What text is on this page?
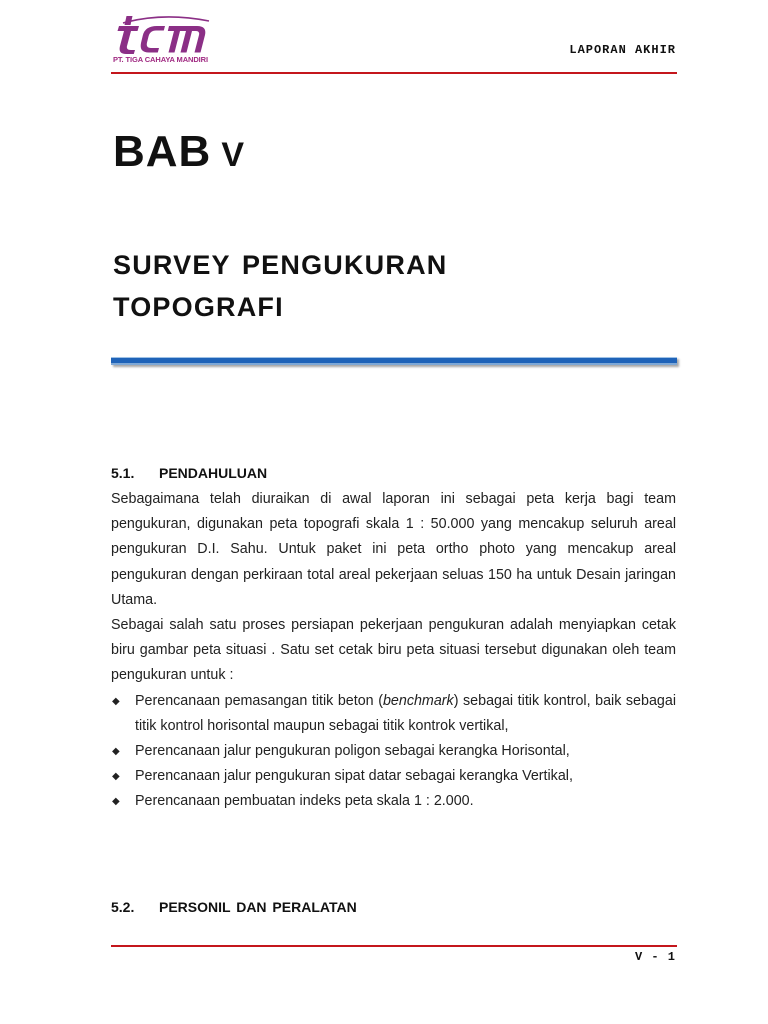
PT. TIGA CAHAYA MANDIRI
LAPORAN AKHIR
BAB V
SURVEY PENGUKURAN
TOPOGRAFI
5.1. PENDAHULUAN

Sebagaimana telah diuraikan di awal laporan ini sebagai peta kerja bagi team pengukuran, digunakan peta topografi skala 1 : 50.000 yang mencakup seluruh areal pengukuran D.I. Sahu. Untuk paket ini peta ortho photo yang mencakup areal pengukuran dengan perkiraan total areal pekerjaan seluas 150 ha untuk Desain jaringan Utama.

Sebagai salah satu proses persiapan pekerjaan pengukuran adalah menyiapkan cetak biru gambar peta situasi . Satu set cetak biru peta situasi tersebut digunakan oleh team pengukuran untuk :

◆ Perencanaan pemasangan titik beton (benchmark) sebagai titik kontrol, baik sebagai titik kontrol horisontal maupun sebagai titik kontrok vertikal,
◆ Perencanaan jalur pengukuran poligon sebagai kerangka Horisontal,
◆ Perencanaan jalur pengukuran sipat datar sebagai kerangka Vertikal,
◆ Perencanaan pembuatan indeks peta skala 1 : 2.000.
5.2. PERSONIL DAN PERALATAN
V - 1
